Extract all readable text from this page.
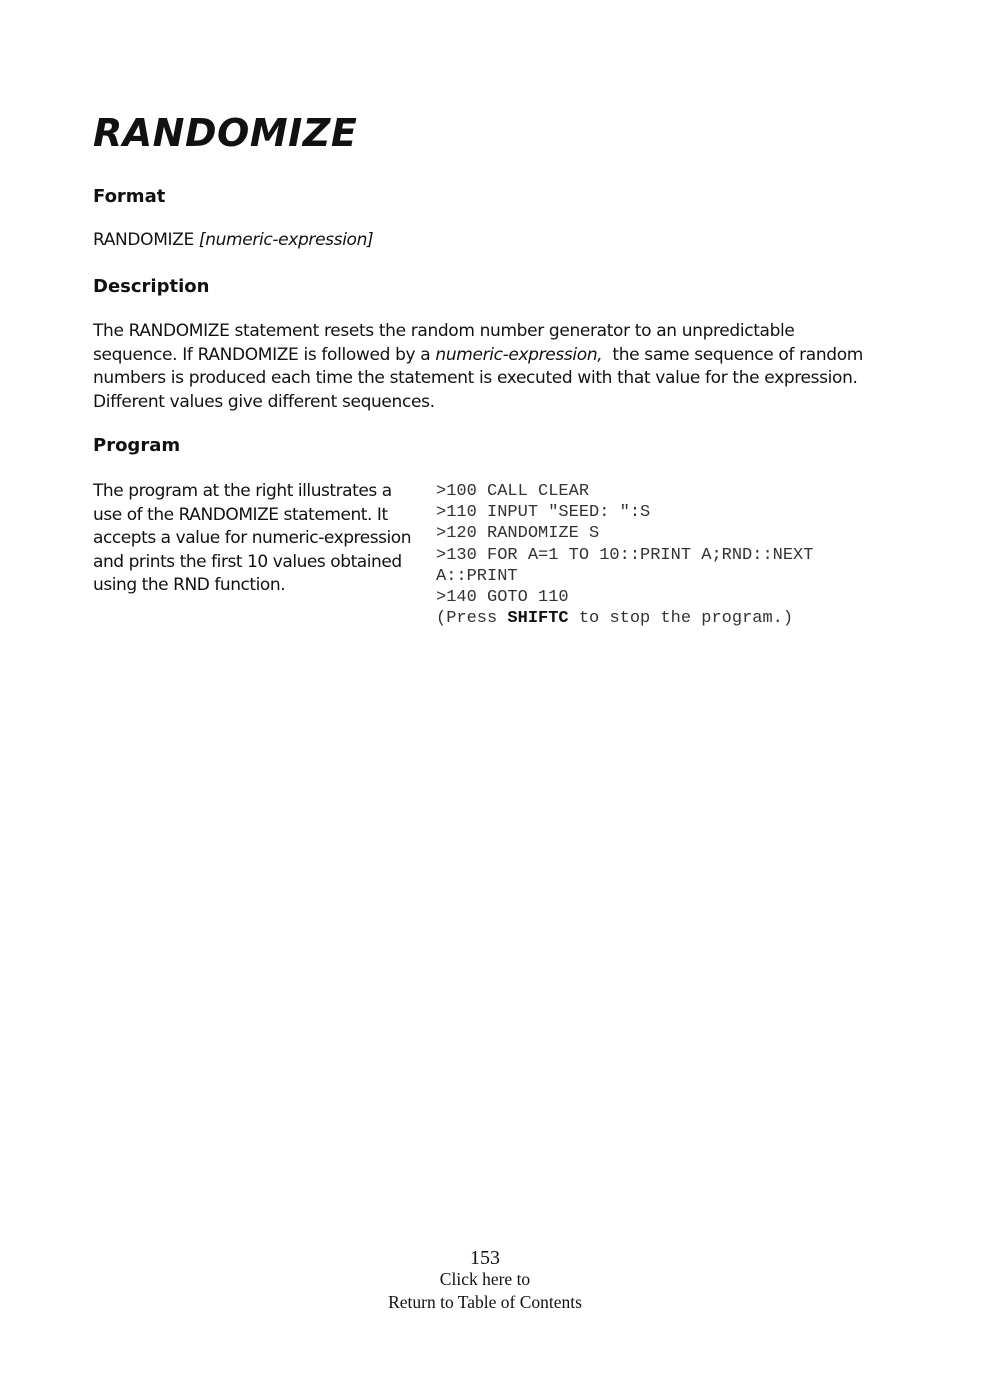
RANDOMIZE
Format

RANDOMIZE [numeric-expression]

Description

The RANDOMIZE statement resets the random number generator to an unpredictable sequence. If RANDOMIZE is followed by a numeric-expression,  the same sequence of random numbers is produced each time the statement is executed with that value for the expression. Different values give different sequences.

Program

The program at the right illustrates a use of the RANDOMIZE statement. It accepts a value for numeric-expression and prints the first 10 values obtained using the RND function.

>100 CALL CLEAR
>110 INPUT "SEED: ":S
>120 RANDOMIZE S
>130 FOR A=1 TO 10::PRINT A;RND::NEXT
A::PRINT
>140 GOTO 110
(Press SHIFTC to stop the program.)
153
Click here to
Return to Table of Contents
